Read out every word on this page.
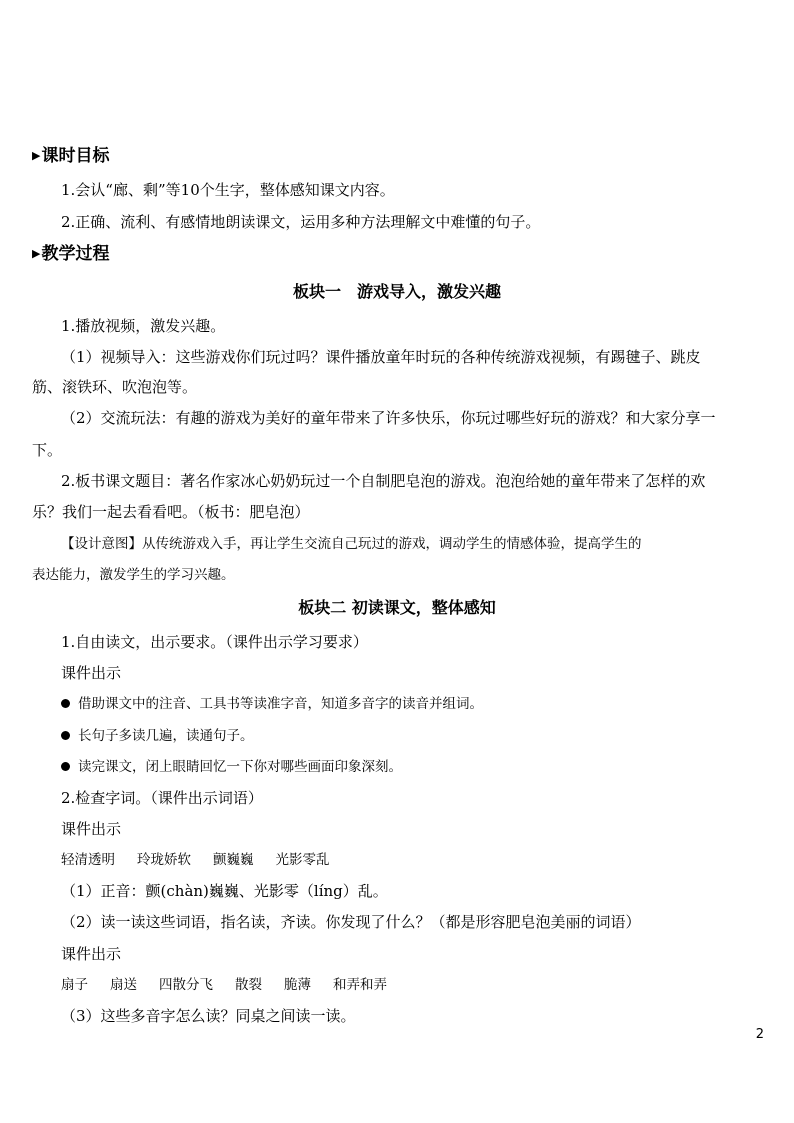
▶课时目标
1.会认“廊、剩”等10个生字，整体感知课文内容。
2.正确、流利、有感情地朗读课文，运用多种方法理解文中难懂的句子。
▶教学过程
板块一　游戏导入，激发兴趣
1.播放视频，激发兴趣。
（1）视频导入：这些游戏你们玩过吗？课件播放童年时玩的各种传统游戏视频，有踢毽子、跳皮
筋、滚铁环、吹泡泡等。
（2）交流玩法：有趣的游戏为美好的童年带来了许多快乐，你玩过哪些好玩的游戏？和大家分享一
下。
2.板书课文题目：著名作家冰心奶奶玩过一个自制肥皂泡的游戏。泡泡给她的童年带来了怎样的欢
乐？我们一起去看看吧。（板书：肥皂泡）
【设计意图】从传统游戏入手，再让学生交流自己玩过的游戏，调动学生的情感体验，提高学生的
表达能力，激发学生的学习兴趣。
板块二 初读课文，整体感知
1.自由读文，出示要求。（课件出示学习要求）
课件出示
借助课文中的注音、工具书等读准字音，知道多音字的读音并组词。
长句子多读几遍，读通句子。
读完课文，闭上眼睛回忆一下你对哪些画面印象深刻。
2.检查字词。（课件出示词语）
课件出示
轻清透明 玲珑娇软 颤巍巍 光影零乱
（1）正音：颤(chàn)巍巍、光影零（líng）乱。
（2）读一读这些词语，指名读，齐读。你发现了什么？（都是形容肥皂泡美丽的词语）
课件出示
扇子 扇送 四散分飞 散裂 脆薄 和弄和弄
（3）这些多音字怎么读？同桌之间读一读。
2
